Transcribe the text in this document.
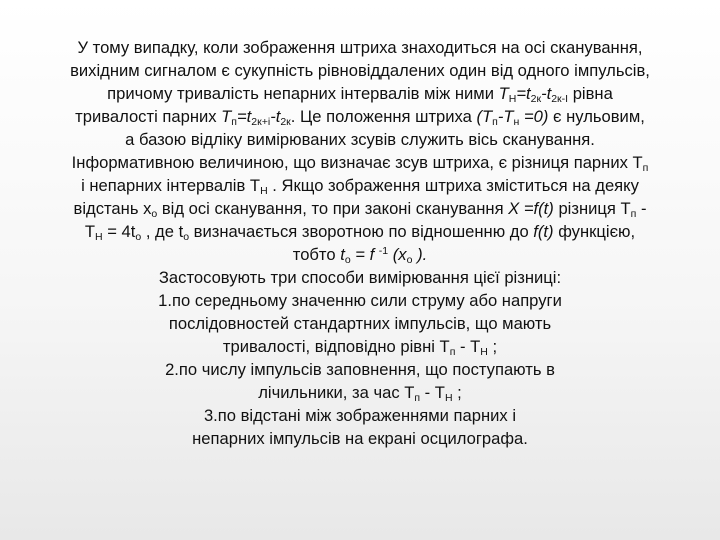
У тому випадку, коли зображення штриха знаходиться на осі сканування,
вихідним сигналом є сукупність рівновіддалених один від одного імпульсів,
причому тривалість непарних інтервалів між ними $Т_Н=t_{2к}-t_{2к-І}$ рівна
тривалості парних $Т_п=t_{2к+і}-t_{2к}$. Це положення штриха $(Т_п-Т_н =0)$ є нульовим,
а базою відліку вимірюваних зсувів служить вісь сканування.
Інформативною величиною, що визначає зсув штриха, є різниця парних $Т_п$
і непарних інтервалів $Т_Н$ . Якщо зображення штриха зміститься на деяку
відстань $x_o$ від осі сканування, то при законі сканування X =f(t) різниця $Т_п$ -
$Т_Н = 4t_o$ , де $t_o$ визначається зворотною по відношенню до f(t) функцією,
тобто $t_o = f$ $^{-1}$ ($x_o$ ).
Застосовують три способи вимірювання цієї різниці:
1.по середньому значенню сили струму або напруги
послідовностей стандартних імпульсів, що мають
тривалості, відповідно рівні $Т_п - Т_Н$ ;
2.по числу імпульсів заповнення, що поступають в
лічильники, за час $Т_п - Т_Н$ ;
3.по відстані між зображеннями парних і
непарних імпульсів на екрані осцилографа.
